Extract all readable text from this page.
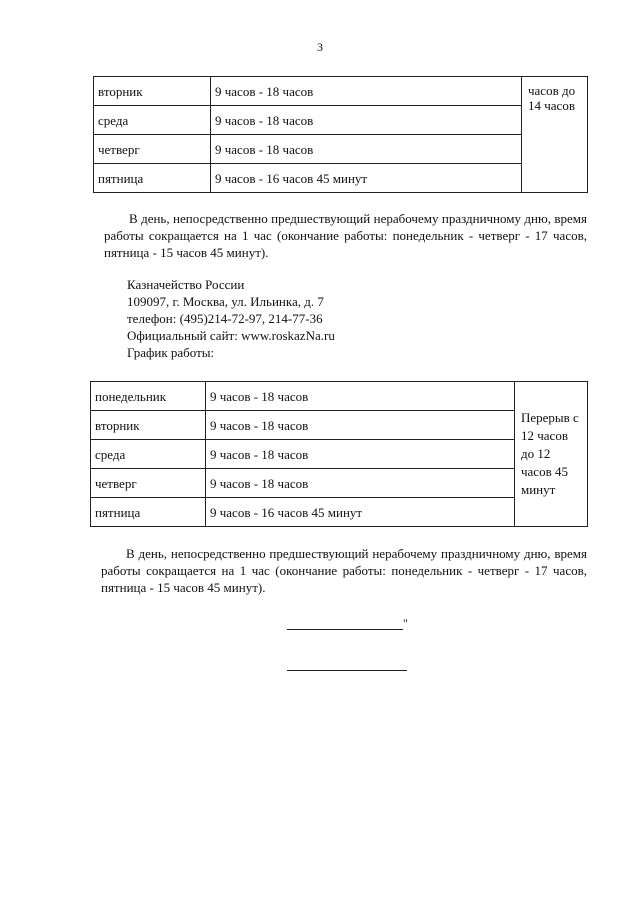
3
вторник	9 часов - 18 часов	часов до 14 часов
среда	9 часов - 18 часов	
четверг	9 часов - 18 часов	
пятница	9 часов - 16 часов 45 минут	

В день, непосредственно предшествующий нерабочему праздничному дню, время работы сокращается на 1 час (окончание работы: понедельник - четверг - 17 часов, пятница - 15 часов 45 минут).

Казначейство России
109097, г. Москва, ул. Ильинка, д. 7
телефон: (495)214-72-97, 214-77-36
Официальный сайт: www.roskazNa.ru
График работы:
понедельник	9 часов - 18 часов	Перерыв с 12 часов до 12 часов 45 минут
вторник	9 часов - 18 часов	
среда	9 часов - 18 часов	
четверг	9 часов - 18 часов	
пятница	9 часов - 16 часов 45 минут	

В день, непосредственно предшествующий нерабочему праздничному дню, время работы сокращается на 1 час (окончание работы: понедельник - четверг - 17 часов, пятница - 15 часов 45 минут).

"
